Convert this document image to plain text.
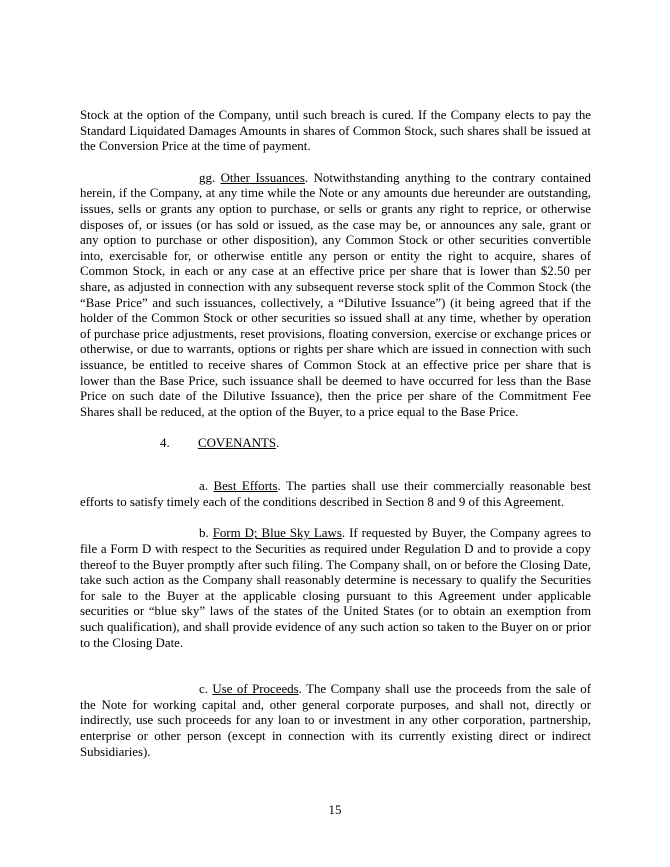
Stock at the option of the Company, until such breach is cured. If the Company elects to pay the Standard Liquidated Damages Amounts in shares of Common Stock, such shares shall be issued at the Conversion Price at the time of payment.

gg. Other Issuances. Notwithstanding anything to the contrary contained herein, if the Company, at any time while the Note or any amounts due hereunder are outstanding, issues, sells or grants any option to purchase, or sells or grants any right to reprice, or otherwise disposes of, or issues (or has sold or issued, as the case may be, or announces any sale, grant or any option to purchase or other disposition), any Common Stock or other securities convertible into, exercisable for, or otherwise entitle any person or entity the right to acquire, shares of Common Stock, in each or any case at an effective price per share that is lower than $2.50 per share, as adjusted in connection with any subsequent reverse stock split of the Common Stock (the “Base Price” and such issuances, collectively, a “Dilutive Issuance”) (it being agreed that if the holder of the Common Stock or other securities so issued shall at any time, whether by operation of purchase price adjustments, reset provisions, floating conversion, exercise or exchange prices or otherwise, or due to warrants, options or rights per share which are issued in connection with such issuance, be entitled to receive shares of Common Stock at an effective price per share that is lower than the Base Price, such issuance shall be deemed to have occurred for less than the Base Price on such date of the Dilutive Issuance), then the price per share of the Commitment Fee Shares shall be reduced, at the option of the Buyer, to a price equal to the Base Price.

4. COVENANTS.

a. Best Efforts. The parties shall use their commercially reasonable best efforts to satisfy timely each of the conditions described in Section 8 and 9 of this Agreement.

b. Form D; Blue Sky Laws. If requested by Buyer, the Company agrees to file a Form D with respect to the Securities as required under Regulation D and to provide a copy thereof to the Buyer promptly after such filing. The Company shall, on or before the Closing Date, take such action as the Company shall reasonably determine is necessary to qualify the Securities for sale to the Buyer at the applicable closing pursuant to this Agreement under applicable securities or “blue sky” laws of the states of the United States (or to obtain an exemption from such qualification), and shall provide evidence of any such action so taken to the Buyer on or prior to the Closing Date.

c. Use of Proceeds. The Company shall use the proceeds from the sale of the Note for working capital and, other general corporate purposes, and shall not, directly or indirectly, use such proceeds for any loan to or investment in any other corporation, partnership, enterprise or other person (except in connection with its currently existing direct or indirect Subsidiaries).

15
